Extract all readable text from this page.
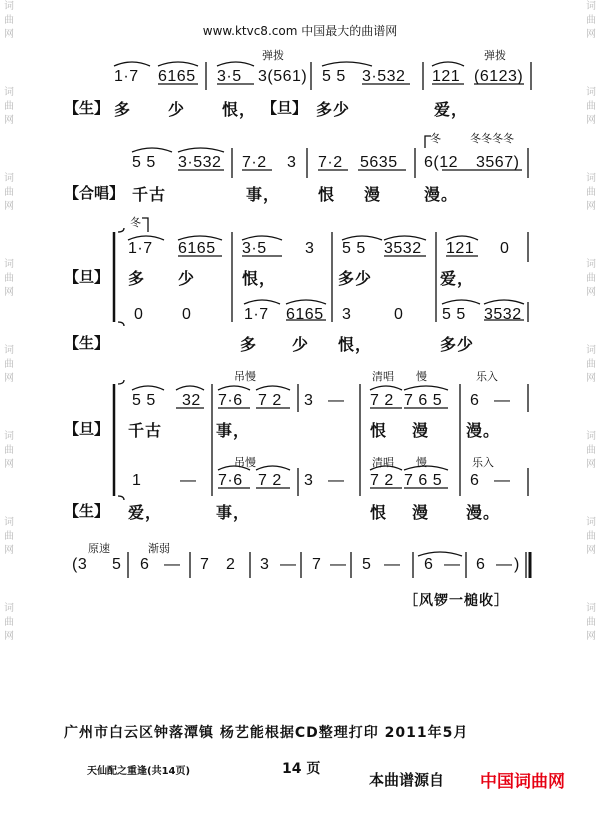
词
曲
网
词
曲
网
词
曲
网
词
曲
网
词
曲
网
词
曲
网
词
曲
网
词
曲
网
词
曲
网
词
曲
网
词
曲
网
词
曲
网
词
曲
网
词
曲
网
词
曲
网
词
曲
网
www.ktvc8.com 中国最大的曲谱网
弹拨	弹拨
1·7 6165 3·5 3(561) 5 5 3·532 121 (6123)
【生】 多 少 恨， 【旦】 多少	爱，
冬	冬冬冬冬
5 5 3·532 7·2 3 7·2 5635 6(12 3567)
【合唱】 千古	事， 恨 漫	漫。
冬
1·7 6165 3·5 3 5 5 3532 121 0
【旦】 多 少	恨，	多少	爱，
0 0	1·7 6165 3	0 5 5 3532
【生】	多 少 恨，	多少
吊慢	清唱 慢	乐入
5 5 32 7·6 7 2 3 — 7 2 7 6 5 6 —
【旦】 千古	事，	恨 漫 漫。
吊慢	清唱 慢	乐入
1 — 7·6 7 2 3 — 7 2 7 6 5 6 —
【生】 爱，	事，	恨 漫 漫。
原速	渐弱
(3 5 6 — 7 2 3 — 7 — 5 — 6 — 6 — )
［风锣一槌收］
广州市白云区钟落潭镇 杨艺能根据CD整理打印 2011年5月
天仙配之重逢(共14页)	14 页
本曲谱源自 中国词曲网
